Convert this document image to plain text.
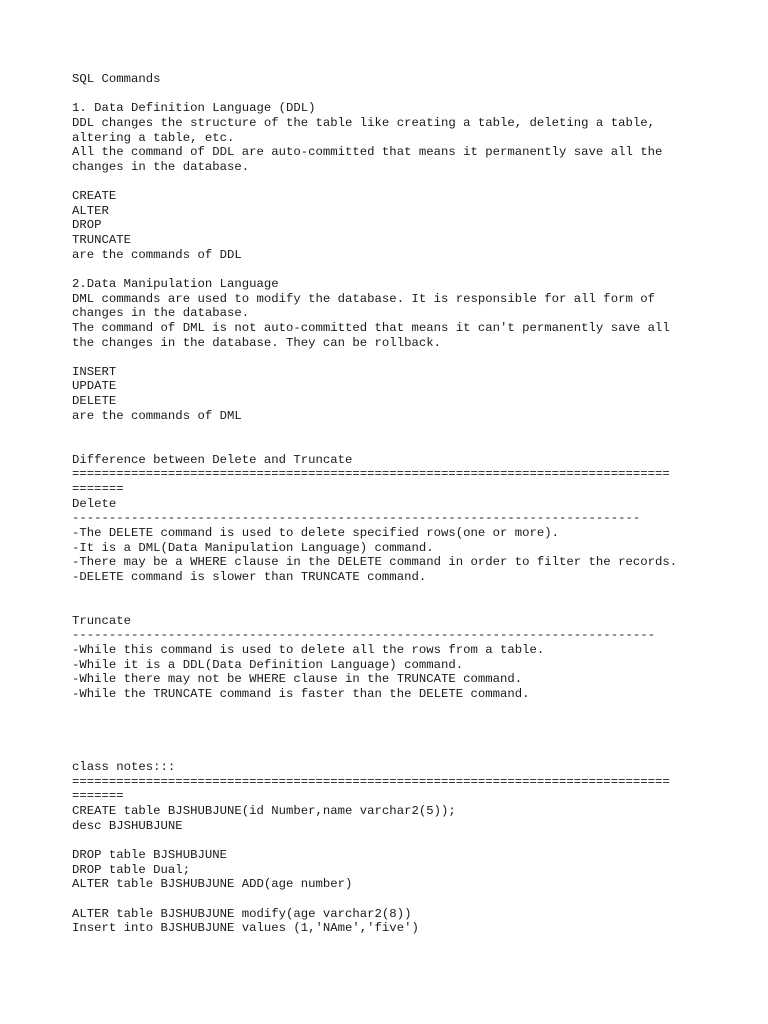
SQL Commands
1. Data Definition Language (DDL)
DDL changes the structure of the table like creating a table, deleting a table,
altering a table, etc.
All the command of DDL are auto-committed that means it permanently save all the
changes in the database.
CREATE
ALTER
DROP
TRUNCATE
are the commands of DDL
2.Data Manipulation Language
DML commands are used to modify the database. It is responsible for all form of
changes in the database.
The command of DML is not auto-committed that means it can't permanently save all
the changes in the database. They can be rollback.
INSERT
UPDATE
DELETE
are the commands of DML
Difference between Delete and Truncate
=================================================================================
=======
Delete
-----------------------------------------------------------------------------
-The DELETE command is used to delete specified rows(one or more).
-It is a DML(Data Manipulation Language) command.
-There may be a WHERE clause in the DELETE command in order to filter the records.
-DELETE command is slower than TRUNCATE command.
Truncate
-------------------------------------------------------------------------------
-While this command is used to delete all the rows from a table.
-While it is a DDL(Data Definition Language) command.
-While there may not be WHERE clause in the TRUNCATE command.
-While the TRUNCATE command is faster than the DELETE command.
class notes:::
=================================================================================
=======
CREATE table BJSHUBJUNE(id Number,name varchar2(5));
desc BJSHUBJUNE
DROP table BJSHUBJUNE
DROP table Dual;
ALTER table BJSHUBJUNE ADD(age number)
ALTER table BJSHUBJUNE modify(age varchar2(8))
Insert into BJSHUBJUNE values (1,'NAme','five')
